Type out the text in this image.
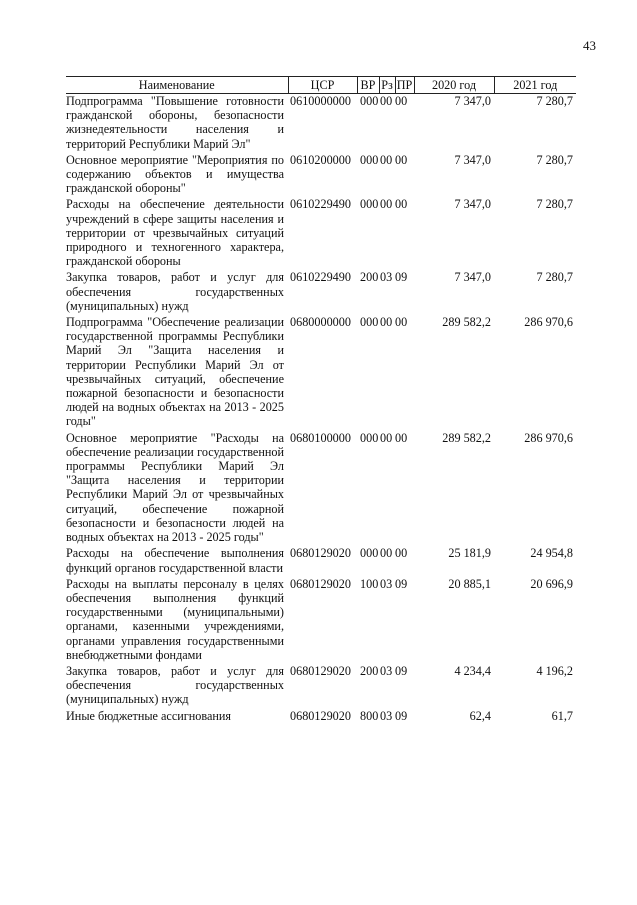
43
Наименование	ЦСР	ВР	Рз	ПР	2020 год	2021 год
Подпрограмма "Повышение готовности гражданской обороны, безопасности жизнедеятельности населения и территорий Республики Марий Эл"	0610000000	000	00	00	7 347,0	7 280,7
Основное мероприятие "Мероприятия по содержанию объектов и имущества гражданской обороны"	0610200000	000	00	00	7 347,0	7 280,7
Расходы на обеспечение деятельности учреждений в сфере защиты населения и территории от чрезвычайных ситуаций природного и техногенного характера, гражданской обороны	0610229490	000	00	00	7 347,0	7 280,7
Закупка товаров, работ и услуг для обеспечения государственных (муниципальных) нужд	0610229490	200	03	09	7 347,0	7 280,7
Подпрограмма "Обеспечение реализации государственной программы Республики Марий Эл "Защита населения и территории Республики Марий Эл от чрезвычайных ситуаций, обеспечение пожарной безопасности и безопасности людей на водных объектах на 2013 - 2025 годы"	0680000000	000	00	00	289 582,2	286 970,6
Основное мероприятие "Расходы на обеспечение реализации государственной программы Республики Марий Эл "Защита населения и территории Республики Марий Эл от чрезвычайных ситуаций, обеспечение пожарной безопасности и безопасности людей на водных объектах на 2013 - 2025 годы"	0680100000	000	00	00	289 582,2	286 970,6
Расходы на обеспечение выполнения функций органов государственной власти	0680129020	000	00	00	25 181,9	24 954,8
Расходы на выплаты персоналу в целях обеспечения выполнения функций государственными (муниципальными) органами, казенными учреждениями, органами управления государственными внебюджетными фондами	0680129020	100	03	09	20 885,1	20 696,9
Закупка товаров, работ и услуг для обеспечения государственных (муниципальных) нужд	0680129020	200	03	09	4 234,4	4 196,2
Иные бюджетные ассигнования	0680129020	800	03	09	62,4	61,7
